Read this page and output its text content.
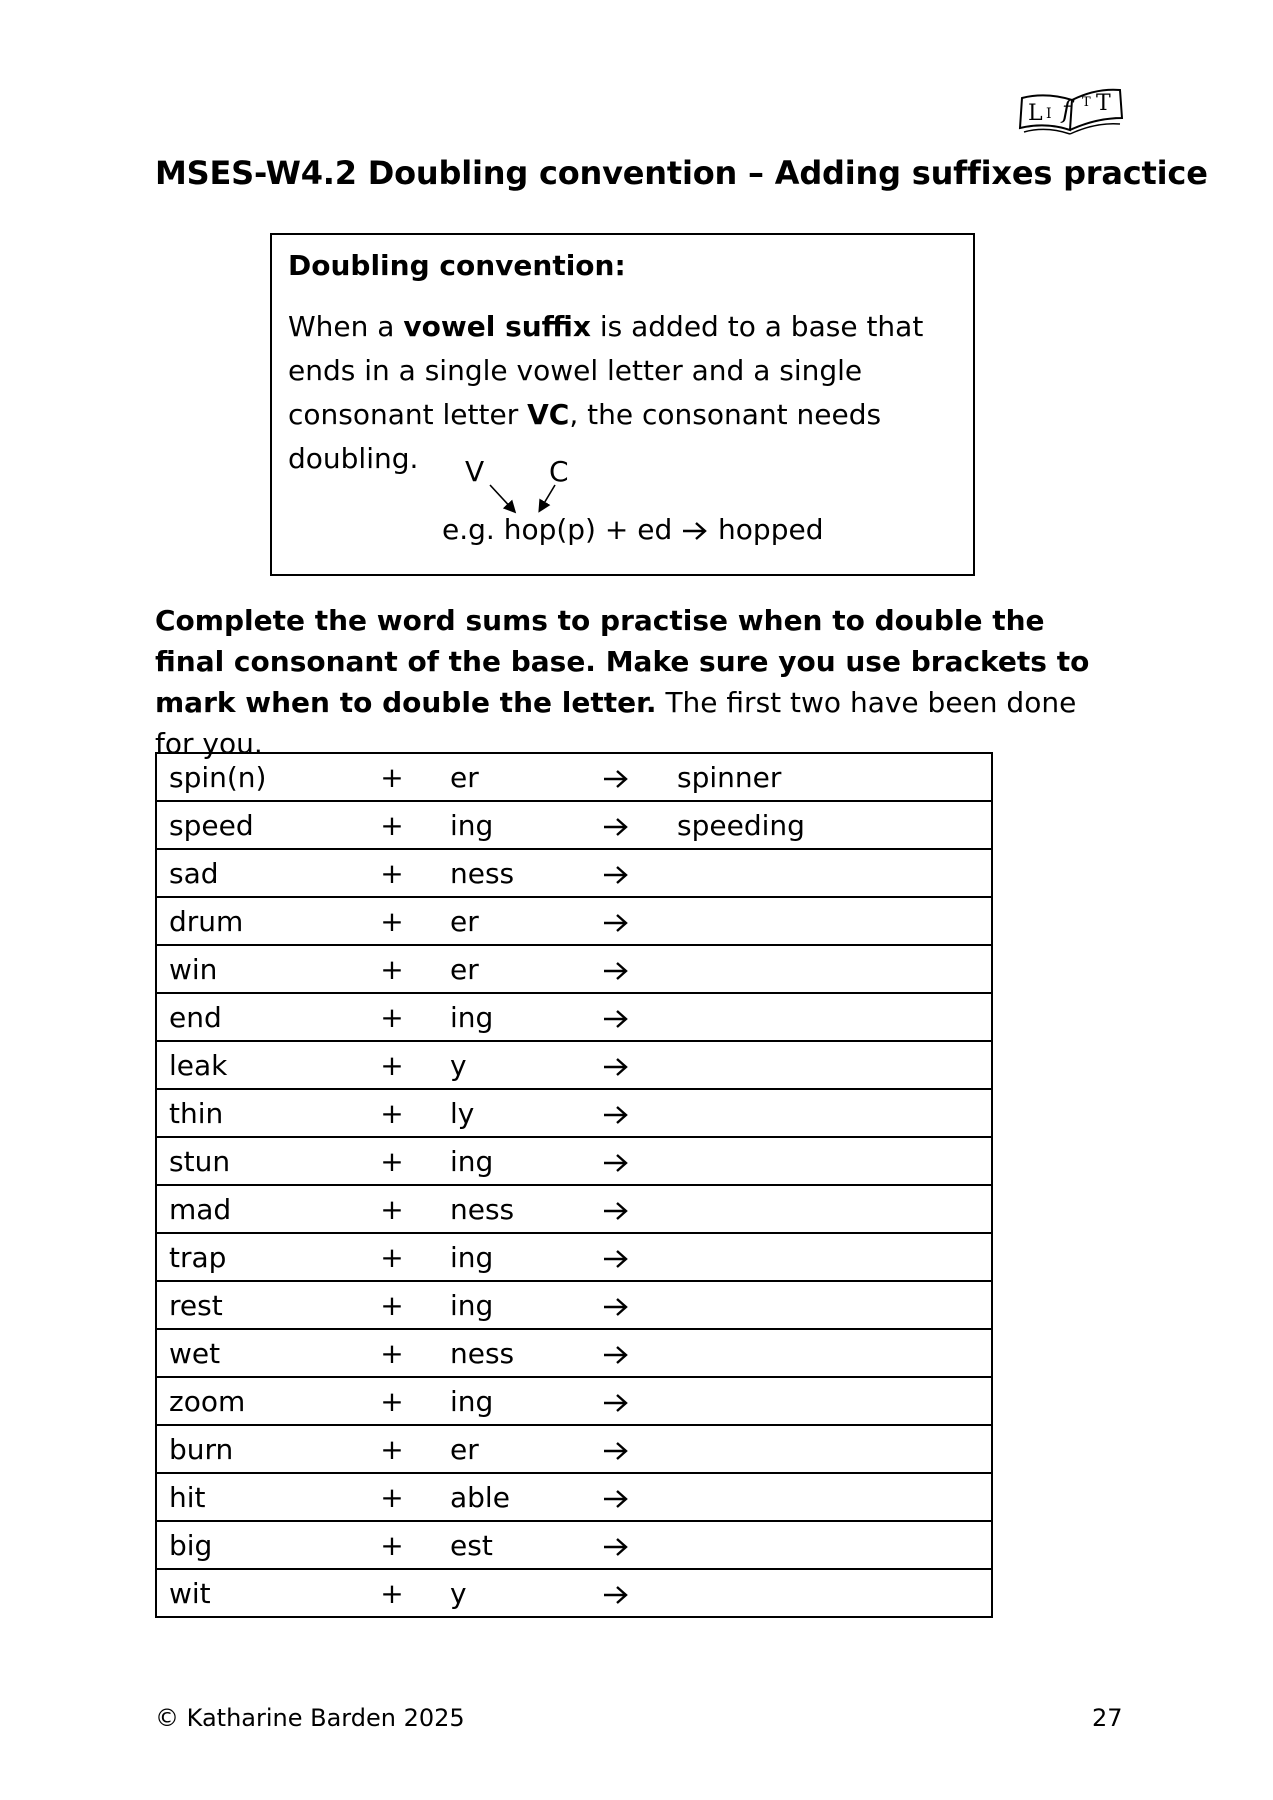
L I f T T
MSES-W4.2 Doubling convention – Adding suffixes practice

Doubling convention:

When a vowel suffix is added to a base that ends in a single vowel letter and a single consonant letter VC, the consonant needs doubling.	V C
e.g. hop(p) + ed  hopped

Complete the word sums to practise when to double the final consonant of the base. Make sure you use brackets to mark when to double the letter. The first two have been done for you.

spin(n)	+	er		spinner
speed	+	ing		speeding
sad	+	ness		
drum	+	er		
win	+	er		
end	+	ing		
leak	+	y		
thin	+	ly		
stun	+	ing		
mad	+	ness		
trap	+	ing		
rest	+	ing		
wet	+	ness		
zoom	+	ing		
burn	+	er		
hit	+	able		
big	+	est		
wit	+	y		
© Katharine Barden 2025	27
